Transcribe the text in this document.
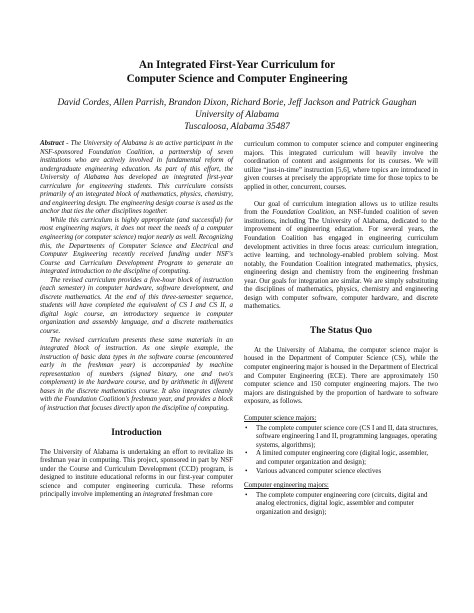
An Integrated First-Year Curriculum for
Computer Science and Computer Engineering
David Cordes, Allen Parrish, Brandon Dixon, Richard Borie, Jeff Jackson and Patrick Gaughan
University of Alabama
Tuscaloosa, Alabama 35487

Abstract - The University of Alabama is an active participant in the NSF-sponsored Foundation Coalition, a partnership of seven institutions who are actively involved in fundamental reform of undergraduate engineering education. As part of this effort, the University of Alabama has developed an integrated first-year curriculum for engineering students. This curriculum consists primarily of an integrated block of mathematics, physics, chemistry, and engineering design. The engineering design course is used as the anchor that ties the other disciplines together.

While this curriculum is highly appropriate (and successful) for most engineering majors, it does not meet the needs of a computer engineering (or computer science) major nearly as well. Recognizing this, the Departments of Computer Science and Electrical and Computer Engineering recently received funding under NSF's Course and Curriculum Development Program to generate an integrated introduction to the discipline of computing.

The revised curriculum provides a five-hour block of instruction (each semester) in computer hardware, software development, and discrete mathematics. At the end of this three-semester sequence, students will have completed the equivalent of CS I and CS II, a digital logic course, an introductory sequence in computer organization and assembly language, and a discrete mathematics course.

The revised curriculum presents these same materials in an integrated block of instruction. As one simple example, the instruction of basic data types in the software course (encountered early in the freshman year) is accompanied by machine representation of numbers (signed binary, one and two's complement) in the hardware course, and by arithmetic in different bases in the discrete mathematics course. It also integrates cleanly with the Foundation Coalition's freshman year, and provides a block of instruction that focuses directly upon the discipline of computing.

Introduction

The University of Alabama is undertaking an effort to revitalize its freshman year in computing. This project, sponsored in part by NSF under the Course and Curriculum Development (CCD) program, is designed to institute educational reforms in our first-year computer science and computer engineering curricula. These reforms principally involve implementing an integrated freshman core

curriculum common to computer science and computer engineering majors. This integrated curriculum will heavily involve the coordination of content and assignments for its courses. We will utilize “just-in-time” instruction [5,6], where topics are introduced in given courses at precisely the appropriate time for those topics to be applied in other, concurrent, courses.

Our goal of curriculum integration allows us to utilize results from the Foundation Coalition, an NSF-funded coalition of seven institutions, including The University of Alabama, dedicated to the improvement of engineering education. For several years, the Foundation Coalition has engaged in engineering curriculum development activities in three focus areas: curriculum integration, active learning, and technology-enabled problem solving. Most notably, the Foundation Coalition integrated mathematics, physics, engineering design and chemistry from the engineering freshman year. Our goals for integration are similar. We are simply substituting the disciplines of mathematics, physics, chemistry and engineering design with computer software, computer hardware, and discrete mathematics.

The Status Quo

At the University of Alabama, the computer science major is housed in the Department of Computer Science (CS), while the computer engineering major is housed in the Department of Electrical and Computer Engineering (ECE). There are approximately 150 computer science and 150 computer engineering majors. The two majors are distinguished by the proportion of hardware to software exposure, as follows.

Computer science majors:
• The complete computer science core (CS I and II, data structures, software engineering I and II, programming languages, operating systems, algorithms);
• A limited computer engineering core (digital logic, assembler, and computer organization and design);
• Various advanced computer science electives
Computer engineering majors:
• The complete computer engineering core (circuits, digital and analog electronics, digital logic, assembler and computer organization and design);
